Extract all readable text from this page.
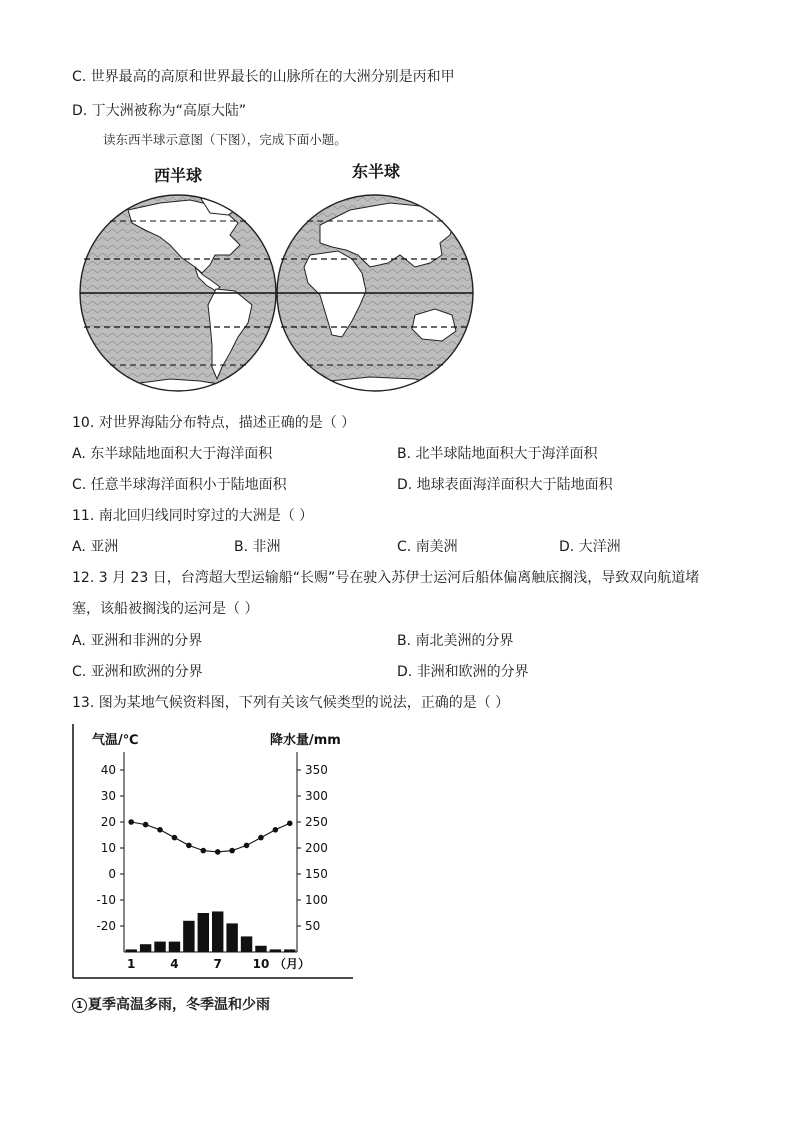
C. 世界最高的高原和世界最长的山脉所在的大洲分别是丙和甲
D. 丁大洲被称为“高原大陆”
读东西半球示意图（下图），完成下面小题。
西半球	东半球
10. 对世界海陆分布特点，描述正确的是（ ）
A. 东半球陆地面积大于海洋面积	B. 北半球陆地面积大于海洋面积
C. 任意半球海洋面积小于陆地面积	D. 地球表面海洋面积大于陆地面积
11. 南北回归线同时穿过的大洲是（ ）
A. 亚洲	B. 非洲	C. 南美洲	D. 大洋洲
12. 3 月 23 日，台湾超大型运输船“长赐”号在驶入苏伊士运河后船体偏离触底搁浅，导致双向航道堵
塞，该船被搁浅的运河是（ ）
A. 亚洲和非洲的分界	B. 南北美洲的分界
C. 亚洲和欧洲的分界	D. 非洲和欧洲的分界
13. 图为某地气候资料图，下列有关该气候类型的说法，正确的是（ ）
气温/℃	降水量/mm
40
30
20
10
0
-10
-20
350
300
250
200
150
100
50
1	4	7	10 （月）
1 夏季高温多雨，冬季温和少雨
